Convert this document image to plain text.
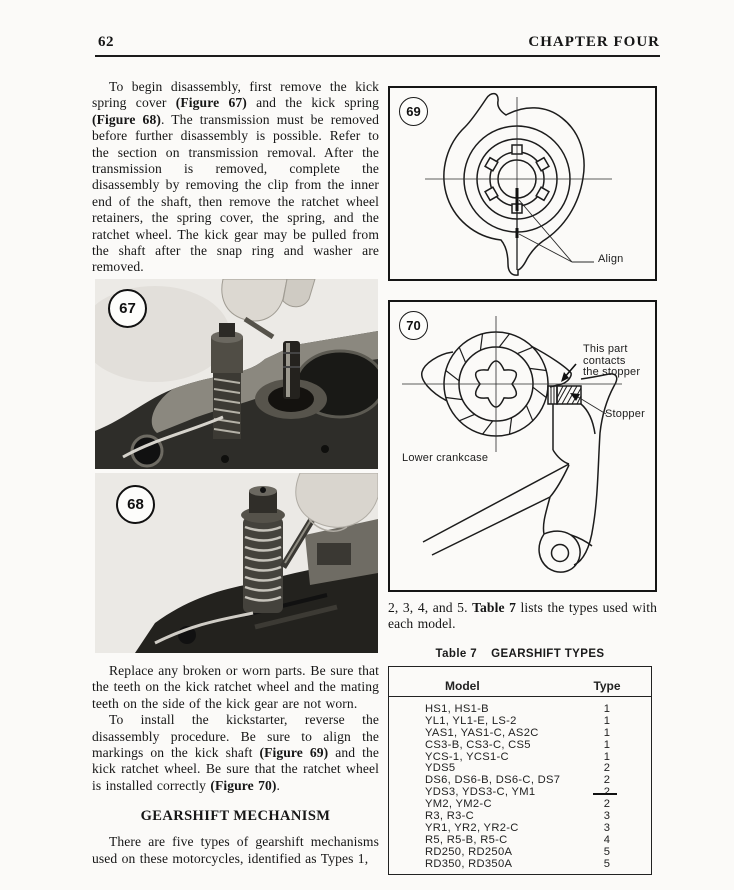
62	CHAPTER FOUR
To begin disassembly, first remove the kick spring cover (Figure 67) and the kick spring (Figure 68). The transmission must be removed before further disassembly is possible. Refer to the section on transmission removal. After the transmission is removed, complete the disassembly by removing the clip from the inner end of the shaft, then remove the ratchet wheel retainers, the spring cover, the spring, and the ratchet wheel. The kick gear may be pulled from the shaft after the snap ring and washer are removed.
67
68
Replace any broken or worn parts. Be sure that the teeth on the kick ratchet wheel and the mating teeth on the side of the kick gear are not worn.
To install the kickstarter, reverse the disassembly procedure. Be sure to align the markings on the kick shaft (Figure 69) and the kick ratchet wheel. Be sure that the ratchet wheel is installed correctly (Figure 70).
GEARSHIFT MECHANISM
There are five types of gearshift mechanisms used on these motorcycles, identified as Types 1,
69
Align
70
This part
contacts
the stopper
Stopper
Lower crankcase
2, 3, 4, and 5. Table 7 lists the types used with each model.
Table 7 GEARSHIFT TYPES
Model	Type
HS1, HS1-B	1
YL1, YL1-E, LS-2	1
YAS1, YAS1-C, AS2C	1
CS3-B, CS3-C, CS5	1
YCS-1, YCS1-C	1
YDS5	2
DS6, DS6-B, DS6-C, DS7	2
YDS3, YDS3-C, YM1	2
YM2, YM2-C	2
R3, R3-C	3
YR1, YR2, YR2-C	3
R5, R5-B, R5-C	4
RD250, RD250A	5
RD350, RD350A	5
